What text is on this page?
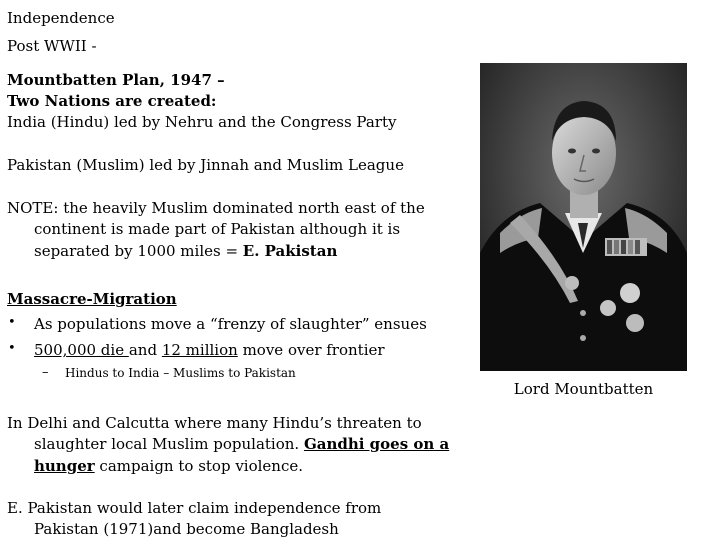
Independence
Post WWII -
Mountbatten Plan, 1947 –
Two Nations are created:
India (Hindu) led by Nehru and the Congress Party
Pakistan (Muslim) led by Jinnah and Muslim League
NOTE: the heavily Muslim dominated north east of the
continent is made part of Pakistan although it is
separated by 1000 miles = E. Pakistan
Massacre-Migration
• As populations move a “frenzy of slaughter” ensues
• 500,000 die and 12 million move over frontier
– Hindus to India – Muslims to Pakistan
In Delhi and Calcutta where many Hindu’s threaten to
slaughter local Muslim population. Gandhi goes on a
hunger campaign to stop violence.
E. Pakistan would later claim independence from
Pakistan (1971)and become Bangladesh
Lord Mountbatten
